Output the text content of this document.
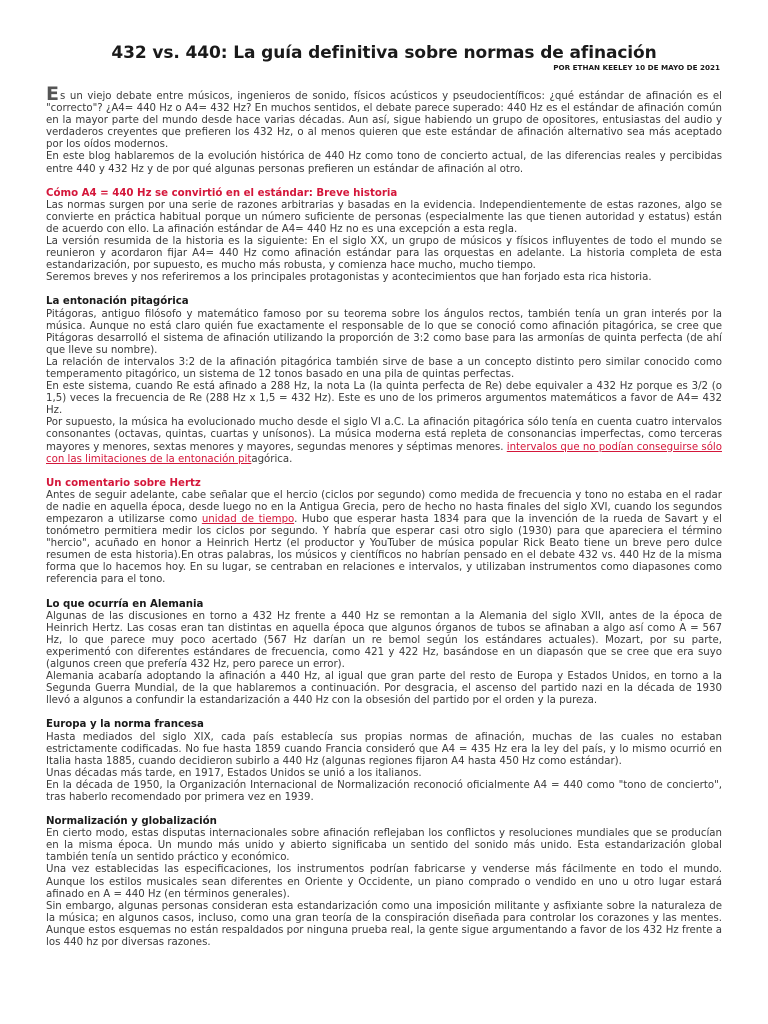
432 vs. 440: La guía definitiva sobre normas de afinación

POR ETHAN KEELEY 10 DE MAYO DE 2021

Es un viejo debate entre músicos, ingenieros de sonido, físicos acústicos y pseudocientíficos: ¿qué estándar de afinación es el "correcto"? ¿A4= 440 Hz o A4= 432 Hz? En muchos sentidos, el debate parece superado: 440 Hz es el estándar de afinación común en la mayor parte del mundo desde hace varias décadas. Aun así, sigue habiendo un grupo de opositores, entusiastas del audio y verdaderos creyentes que prefieren los 432 Hz, o al menos quieren que este estándar de afinación alternativo sea más aceptado por los oídos modernos.

En este blog hablaremos de la evolución histórica de 440 Hz como tono de concierto actual, de las diferencias reales y percibidas entre 440 y 432 Hz y de por qué algunas personas prefieren un estándar de afinación al otro.

Cómo A4 = 440 Hz se convirtió en el estándar: Breve historia

Las normas surgen por una serie de razones arbitrarias y basadas en la evidencia. Independientemente de estas razones, algo se convierte en práctica habitual porque un número suficiente de personas (especialmente las que tienen autoridad y estatus) están de acuerdo con ello. La afinación estándar de A4= 440 Hz no es una excepción a esta regla.

La versión resumida de la historia es la siguiente: En el siglo XX, un grupo de músicos y físicos influyentes de todo el mundo se reunieron y acordaron fijar A4= 440 Hz como afinación estándar para las orquestas en adelante. La historia completa de esta estandarización, por supuesto, es mucho más robusta, y comienza hace mucho, mucho tiempo.

Seremos breves y nos referiremos a los principales protagonistas y acontecimientos que han forjado esta rica historia.

La entonación pitagórica

Pitágoras, antiguo filósofo y matemático famoso por su teorema sobre los ángulos rectos, también tenía un gran interés por la música. Aunque no está claro quién fue exactamente el responsable de lo que se conoció como afinación pitagórica, se cree que Pitágoras desarrolló el sistema de afinación utilizando la proporción de 3:2 como base para las armonías de quinta perfecta (de ahí que lleve su nombre).

La relación de intervalos 3:2 de la afinación pitagórica también sirve de base a un concepto distinto pero similar conocido como temperamento pitagórico, un sistema de 12 tonos basado en una pila de quintas perfectas.

En este sistema, cuando Re está afinado a 288 Hz, la nota La (la quinta perfecta de Re) debe equivaler a 432 Hz porque es 3/2 (o 1,5) veces la frecuencia de Re (288 Hz x 1,5 = 432 Hz). Este es uno de los primeros argumentos matemáticos a favor de A4= 432 Hz.

Por supuesto, la música ha evolucionado mucho desde el siglo VI a.C. La afinación pitagórica sólo tenía en cuenta cuatro intervalos consonantes (octavas, quintas, cuartas y unísonos). La música moderna está repleta de consonancias imperfectas, como terceras mayores y menores, sextas menores y mayores, segundas menores y séptimas menores. intervalos que no podían conseguirse sólo con las limitaciones de la entonación pitagórica.

Un comentario sobre Hertz

Antes de seguir adelante, cabe señalar que el hercio (ciclos por segundo) como medida de frecuencia y tono no estaba en el radar de nadie en aquella época, desde luego no en la Antigua Grecia, pero de hecho no hasta finales del siglo XVI, cuando los segundos empezaron a utilizarse como unidad de tiempo. Hubo que esperar hasta 1834 para que la invención de la rueda de Savart y el tonómetro permitiera medir los ciclos por segundo. Y habría que esperar casi otro siglo (1930) para que apareciera el término "hercio", acuñado en honor a Heinrich Hertz (el productor y YouTuber de música popular Rick Beato tiene un breve pero dulce resumen de esta historia).En otras palabras, los músicos y científicos no habrían pensado en el debate 432 vs. 440 Hz de la misma forma que lo hacemos hoy. En su lugar, se centraban en relaciones e intervalos, y utilizaban instrumentos como diapasones como referencia para el tono.

Lo que ocurría en Alemania

Algunas de las discusiones en torno a 432 Hz frente a 440 Hz se remontan a la Alemania del siglo XVII, antes de la época de Heinrich Hertz. Las cosas eran tan distintas en aquella época que algunos órganos de tubos se afinaban a algo así como A = 567 Hz, lo que parece muy poco acertado (567 Hz darían un re bemol según los estándares actuales). Mozart, por su parte, experimentó con diferentes estándares de frecuencia, como 421 y 422 Hz, basándose en un diapasón que se cree que era suyo (algunos creen que prefería 432 Hz, pero parece un error).

Alemania acabaría adoptando la afinación a 440 Hz, al igual que gran parte del resto de Europa y Estados Unidos, en torno a la Segunda Guerra Mundial, de la que hablaremos a continuación. Por desgracia, el ascenso del partido nazi en la década de 1930 llevó a algunos a confundir la estandarización a 440 Hz con la obsesión del partido por el orden y la pureza.

Europa y la norma francesa

Hasta mediados del siglo XIX, cada país establecía sus propias normas de afinación, muchas de las cuales no estaban estrictamente codificadas. No fue hasta 1859 cuando Francia consideró que A4 = 435 Hz era la ley del país, y lo mismo ocurrió en Italia hasta 1885, cuando decidieron subirlo a 440 Hz (algunas regiones fijaron A4 hasta 450 Hz como estándar).

Unas décadas más tarde, en 1917, Estados Unidos se unió a los italianos.

En la década de 1950, la Organización Internacional de Normalización reconoció oficialmente A4 = 440 como "tono de concierto", tras haberlo recomendado por primera vez en 1939.

Normalización y globalización

En cierto modo, estas disputas internacionales sobre afinación reflejaban los conflictos y resoluciones mundiales que se producían en la misma época. Un mundo más unido y abierto significaba un sentido del sonido más unido. Esta estandarización global también tenía un sentido práctico y económico.

Una vez establecidas las especificaciones, los instrumentos podrían fabricarse y venderse más fácilmente en todo el mundo. Aunque los estilos musicales sean diferentes en Oriente y Occidente, un piano comprado o vendido en uno u otro lugar estará afinado en A = 440 Hz (en términos generales).

Sin embargo, algunas personas consideran esta estandarización como una imposición militante y asfixiante sobre la naturaleza de la música; en algunos casos, incluso, como una gran teoría de la conspiración diseñada para controlar los corazones y las mentes. Aunque estos esquemas no están respaldados por ninguna prueba real, la gente sigue argumentando a favor de los 432 Hz frente a los 440 hz por diversas razones.
